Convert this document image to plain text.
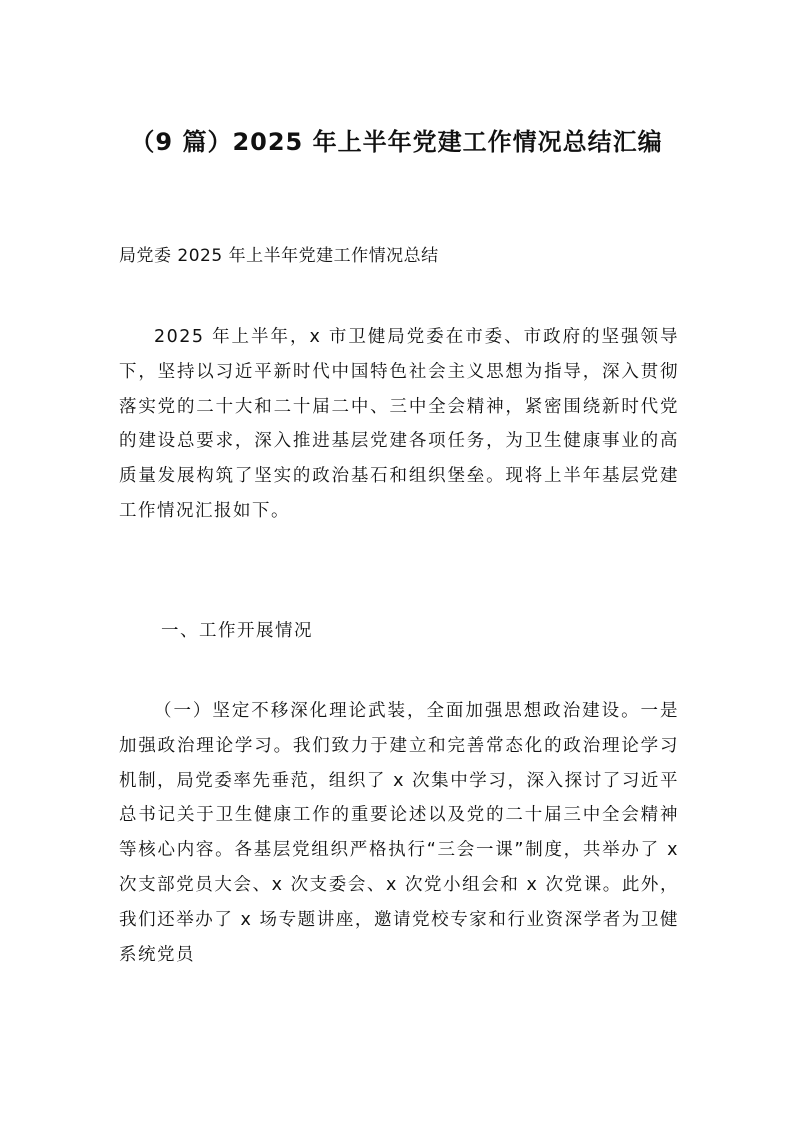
（9 篇）2025 年上半年党建工作情况总结汇编

局党委 2025 年上半年党建工作情况总结

2025 年上半年，x 市卫健局党委在市委、市政府的坚强领导下，坚持以习近平新时代中国特色社会主义思想为指导，深入贯彻落实党的二十大和二十届二中、三中全会精神，紧密围绕新时代党的建设总要求，深入推进基层党建各项任务，为卫生健康事业的高质量发展构筑了坚实的政治基石和组织堡垒。现将上半年基层党建工作情况汇报如下。

一、工作开展情况

（一）坚定不移深化理论武装，全面加强思想政治建设。一是加强政治理论学习。我们致力于建立和完善常态化的政治理论学习机制，局党委率先垂范，组织了 x 次集中学习，深入探讨了习近平总书记关于卫生健康工作的重要论述以及党的二十届三中全会精神等核心内容。各基层党组织严格执行“三会一课”制度，共举办了 x 次支部党员大会、x 次支委会、x 次党小组会和 x 次党课。此外，我们还举办了 x 场专题讲座，邀请党校专家和行业资深学者为卫健系统党员
